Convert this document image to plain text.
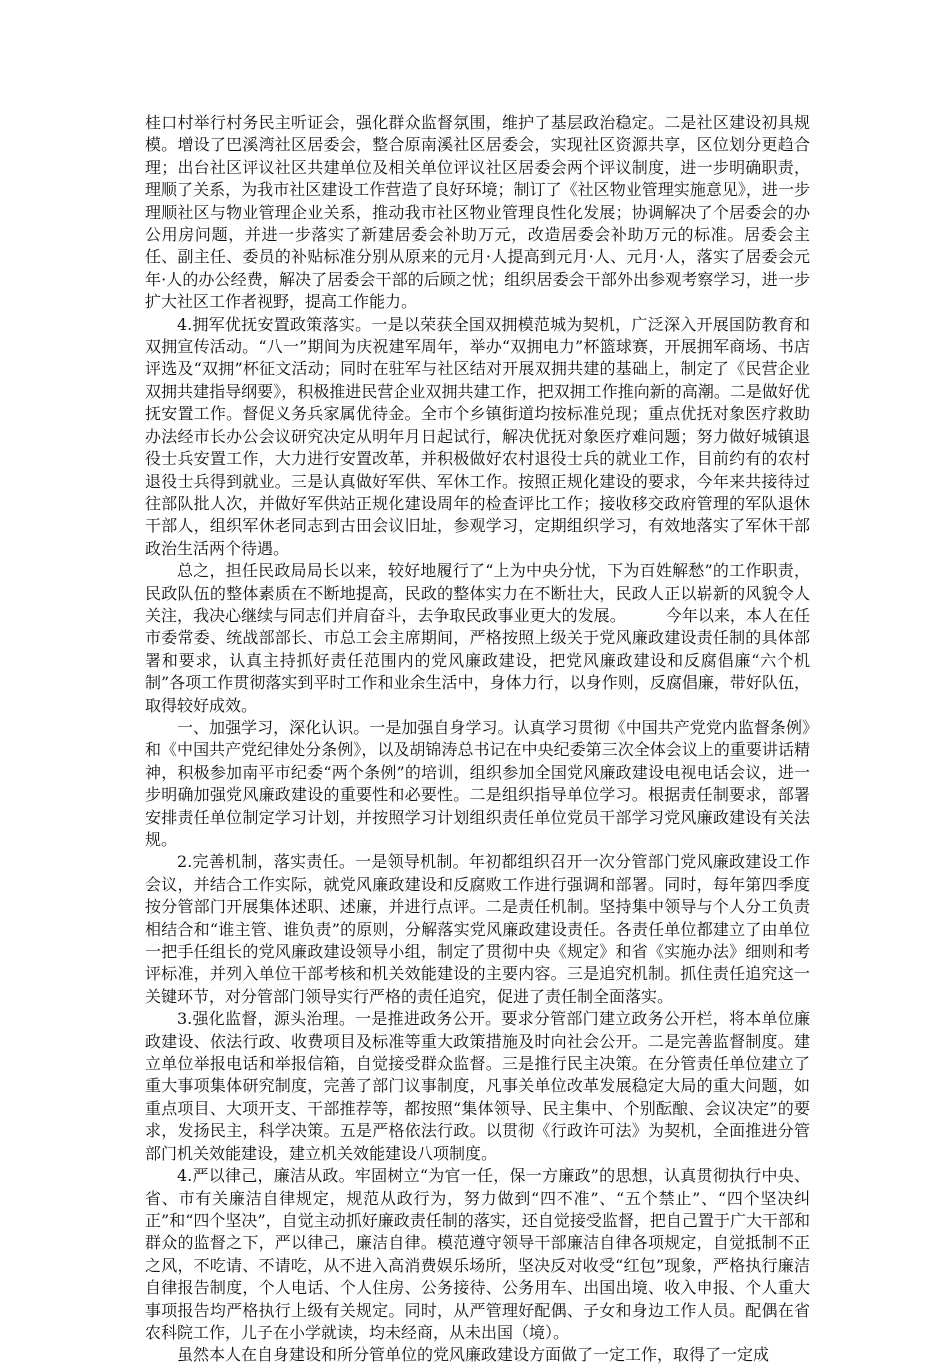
桂口村举行村务民主听证会，强化群众监督氛围，维护了基层政治稳定。二是社区建设初具规模。增设了巴溪湾社区居委会，整合原南溪社区居委会，实现社区资源共享，区位划分更趋合理；出台社区评议社区共建单位及相关单位评议社区居委会两个评议制度，进一步明确职责，理顺了关系，为我市社区建设工作营造了良好环境；制订了《社区物业管理实施意见》，进一步理顺社区与物业管理企业关系，推动我市社区物业管理良性化发展；协调解决了个居委会的办公用房问题，并进一步落实了新建居委会补助万元，改造居委会补助万元的标准。居委会主任、副主任、委员的补贴标准分别从原来的元月·人提高到元月·人、元月·人，落实了居委会元年·人的办公经费，解决了居委会干部的后顾之忧；组织居委会干部外出参观考察学习，进一步扩大社区工作者视野，提高工作能力。

4.拥军优抚安置政策落实。一是以荣获全国双拥模范城为契机，广泛深入开展国防教育和双拥宣传活动。“八一”期间为庆祝建军周年，举办“双拥电力”杯篮球赛，开展拥军商场、书店评选及“双拥”杯征文活动；同时在驻军与社区结对开展双拥共建的基础上，制定了《民营企业双拥共建指导纲要》，积极推进民营企业双拥共建工作，把双拥工作推向新的高潮。二是做好优抚安置工作。督促义务兵家属优待金。全市个乡镇街道均按标准兑现；重点优抚对象医疗救助办法经市长办公会议研究决定从明年月日起试行，解决优抚对象医疗难问题；努力做好城镇退役士兵安置工作，大力进行安置改革，并积极做好农村退役士兵的就业工作，目前约有的农村退役士兵得到就业。三是认真做好军供、军休工作。按照正规化建设的要求，今年来共接待过往部队批人次，并做好军供站正规化建设周年的检查评比工作；接收移交政府管理的军队退休干部人，组织军休老同志到古田会议旧址，参观学习，定期组织学习，有效地落实了军休干部政治生活两个待遇。

总之，担任民政局局长以来，较好地履行了“上为中央分忧，下为百姓解愁”的工作职责，民政队伍的整体素质在不断地提高，民政的整体实力在不断壮大，民政人正以崭新的风貌令人关注，我决心继续与同志们并肩奋斗，去争取民政事业更大的发展。　　　今年以来，本人在任市委常委、统战部部长、市总工会主席期间，严格按照上级关于党风廉政建设责任制的具体部署和要求，认真主持抓好责任范围内的党风廉政建设，把党风廉政建设和反腐倡廉“六个机制”各项工作贯彻落实到平时工作和业余生活中，身体力行，以身作则，反腐倡廉，带好队伍，取得较好成效。

一、加强学习，深化认识。一是加强自身学习。认真学习贯彻《中国共产党党内监督条例》和《中国共产党纪律处分条例》，以及胡锦涛总书记在中央纪委第三次全体会议上的重要讲话精神，积极参加南平市纪委“两个条例”的培训，组织参加全国党风廉政建设电视电话会议，进一步明确加强党风廉政建设的重要性和必要性。二是组织指导单位学习。根据责任制要求，部署安排责任单位制定学习计划，并按照学习计划组织责任单位党员干部学习党风廉政建设有关法规。

2.完善机制，落实责任。一是领导机制。年初都组织召开一次分管部门党风廉政建设工作会议，并结合工作实际，就党风廉政建设和反腐败工作进行强调和部署。同时，每年第四季度按分管部门开展集体述职、述廉，并进行点评。二是责任机制。坚持集中领导与个人分工负责相结合和“谁主管、谁负责”的原则，分解落实党风廉政建设责任。各责任单位都建立了由单位一把手任组长的党风廉政建设领导小组，制定了贯彻中央《规定》和省《实施办法》细则和考评标准，并列入单位干部考核和机关效能建设的主要内容。三是追究机制。抓住责任追究这一关键环节，对分管部门领导实行严格的责任追究，促进了责任制全面落实。

3.强化监督，源头治理。一是推进政务公开。要求分管部门建立政务公开栏，将本单位廉政建设、依法行政、收费项目及标准等重大政策措施及时向社会公开。二是完善监督制度。建立单位举报电话和举报信箱，自觉接受群众监督。三是推行民主决策。在分管责任单位建立了重大事项集体研究制度，完善了部门议事制度，凡事关单位改革发展稳定大局的重大问题，如重点项目、大项开支、干部推荐等，都按照“集体领导、民主集中、个别酝酿、会议决定”的要求，发扬民主，科学决策。五是严格依法行政。以贯彻《行政许可法》为契机，全面推进分管部门机关效能建设，建立机关效能建设八项制度。

4.严以律己，廉洁从政。牢固树立“为官一任，保一方廉政”的思想，认真贯彻执行中央、省、市有关廉洁自律规定，规范从政行为，努力做到“四不准”、“五个禁止”、“四个坚决纠正”和“四个坚决”，自觉主动抓好廉政责任制的落实，还自觉接受监督，把自己置于广大干部和群众的监督之下，严以律己，廉洁自律。模范遵守领导干部廉洁自律各项规定，自觉抵制不正之风，不吃请、不请吃，从不进入高消费娱乐场所，坚决反对收受“红包”现象，严格执行廉洁自律报告制度，个人电话、个人住房、公务接待、公务用车、出国出境、收入申报、个人重大事项报告均严格执行上级有关规定。同时，从严管理好配偶、子女和身边工作人员。配偶在省农科院工作，儿子在小学就读，均未经商，从未出国（境）。

虽然本人在自身建设和所分管单位的党风廉政建设方面做了一定工作，取得了一定成
